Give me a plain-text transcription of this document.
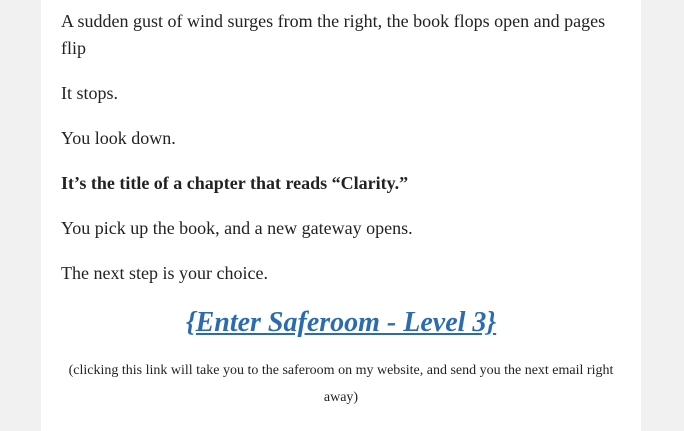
A sudden gust of wind surges from the right, the book flops open and pages flip

It stops.

You look down.

It’s the title of a chapter that reads “Clarity.”

You pick up the book, and a new gateway opens.

The next step is your choice.

{Enter Saferoom - Level 3}
(clicking this link will take you to the saferoom on my website, and send you the next email right away)
